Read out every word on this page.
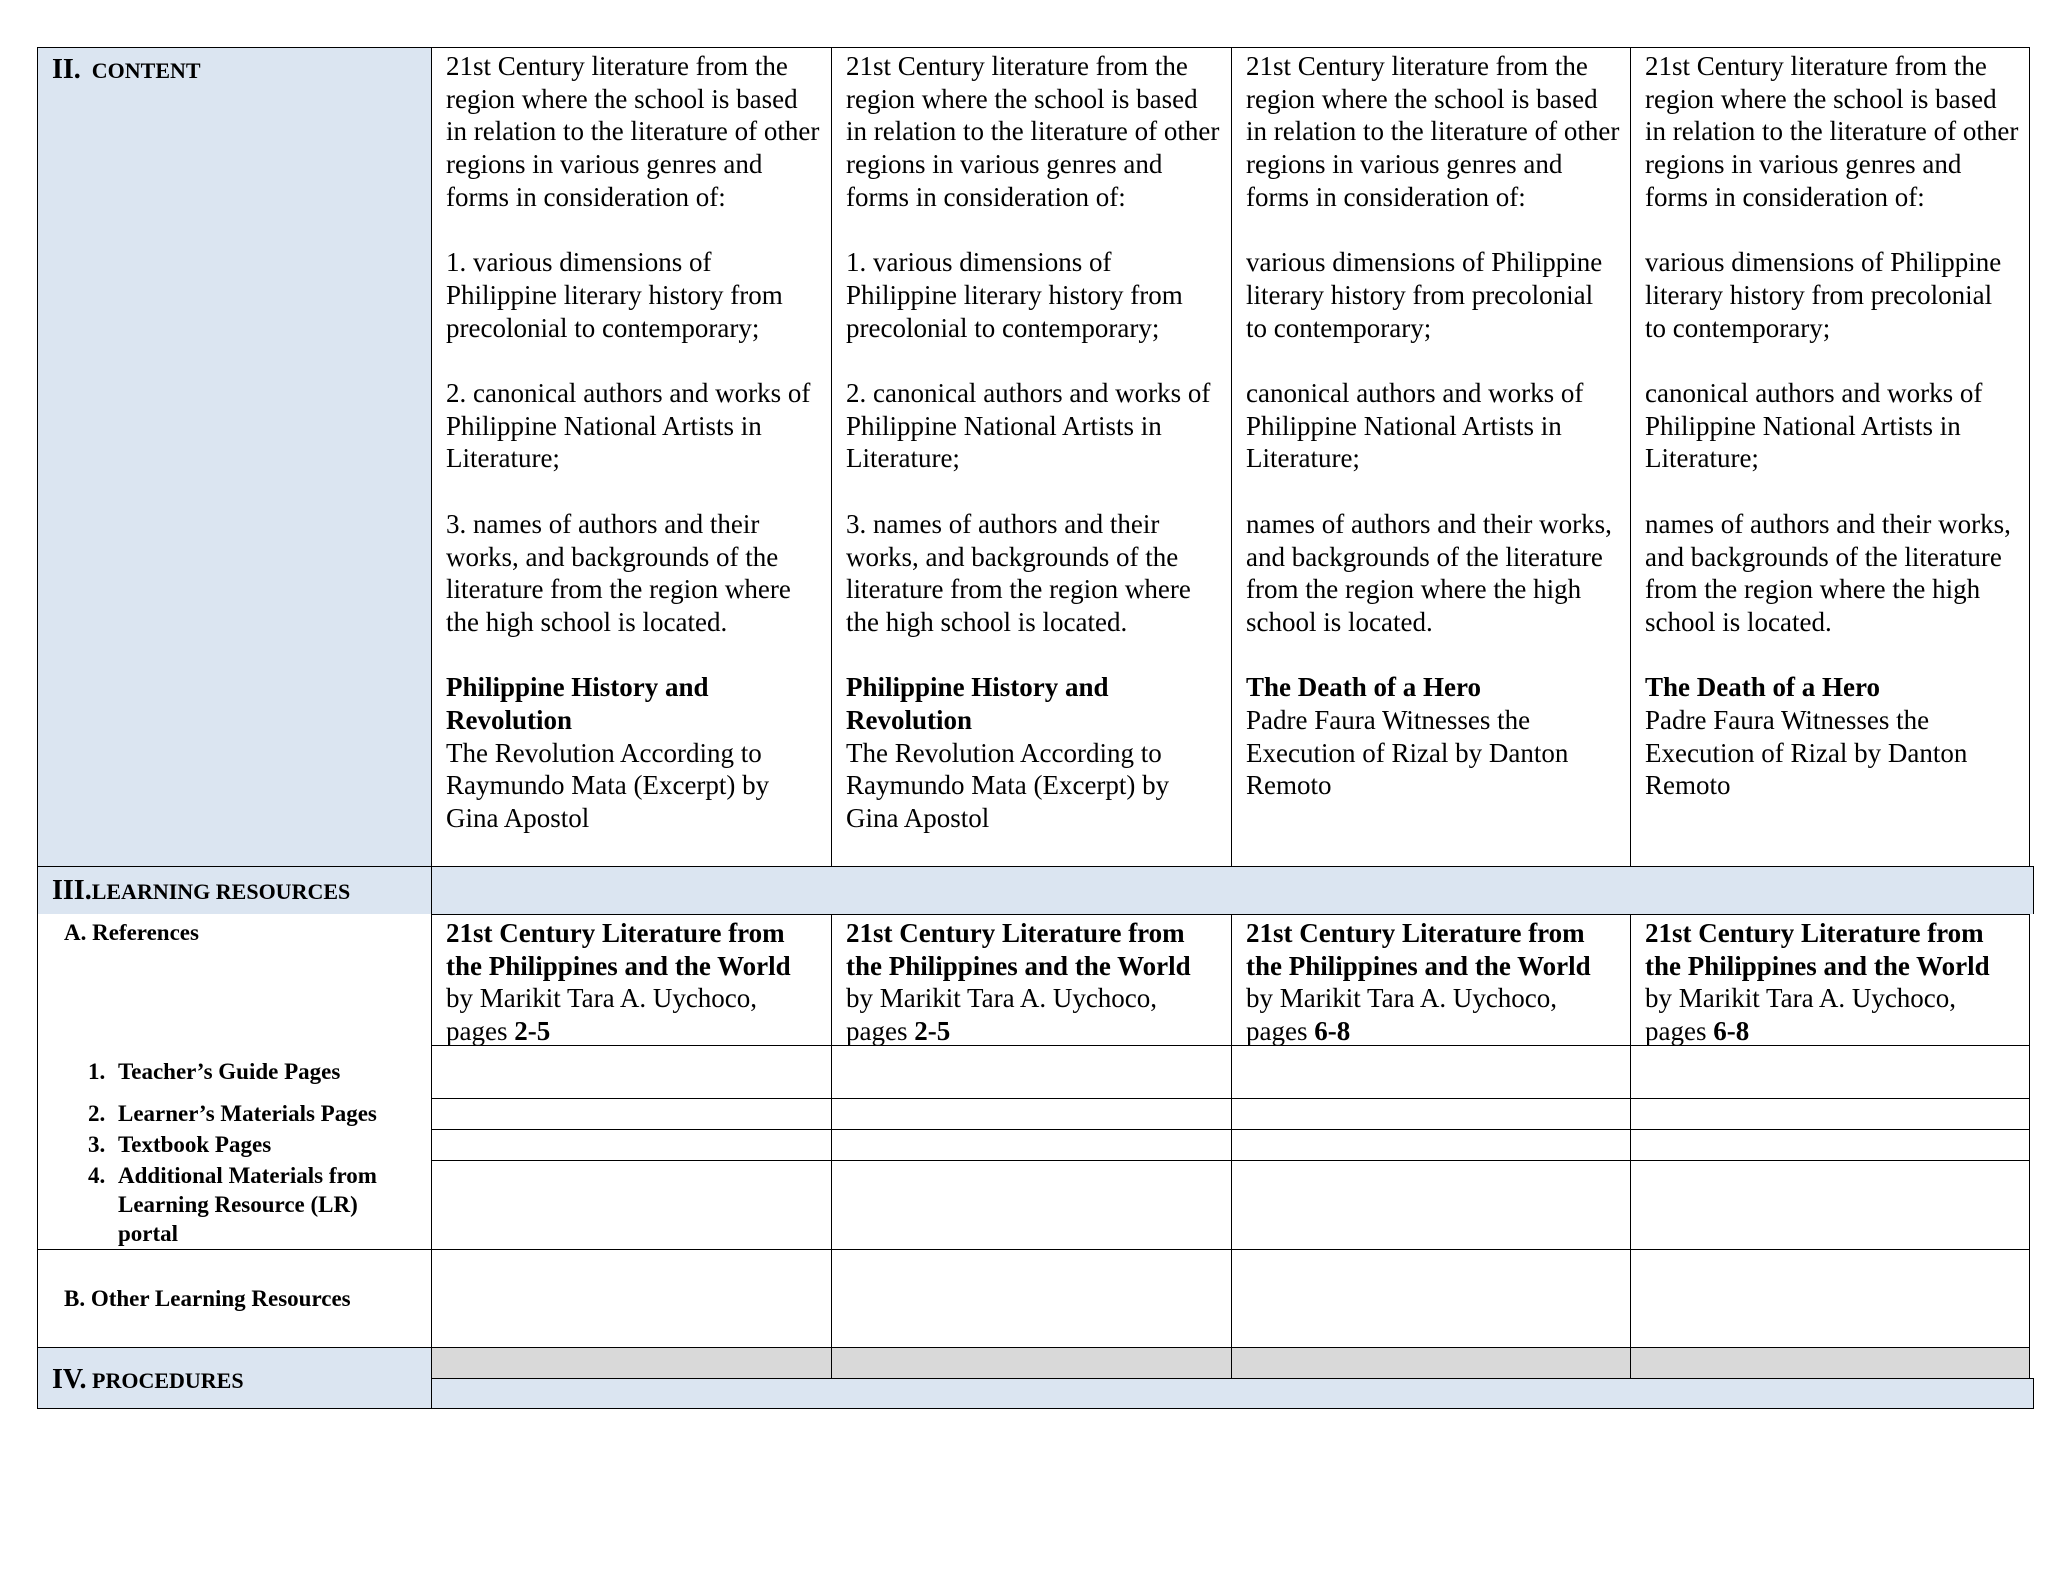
II. CONTENT	21st Century literature from the region where the school is based in relation to the literature of other regions in various genres and forms in consideration of:

1. various dimensions of Philippine literary history from precolonial to contemporary;

2. canonical authors and works of Philippine National Artists in Literature;

3. names of authors and their works, and backgrounds of the literature from the region where the high school is located.

Philippine History and Revolution

The Revolution According to Raymundo Mata (Excerpt) by Gina Apostol

21st Century literature from the region where the school is based in relation to the literature of other regions in various genres and forms in consideration of:

1. various dimensions of Philippine literary history from precolonial to contemporary;

2. canonical authors and works of Philippine National Artists in Literature;

3. names of authors and their works, and backgrounds of the literature from the region where the high school is located.

Philippine History and Revolution

The Revolution According to Raymundo Mata (Excerpt) by Gina Apostol

21st Century literature from the region where the school is based in relation to the literature of other regions in various genres and forms in consideration of:

various dimensions of Philippine literary history from precolonial to contemporary;

canonical authors and works of Philippine National Artists in Literature;

names of authors and their works, and backgrounds of the literature from the region where the high school is located.

The Death of a Hero

Padre Faura Witnesses the Execution of Rizal by Danton Remoto

21st Century literature from the region where the school is based in relation to the literature of other regions in various genres and forms in consideration of:

various dimensions of Philippine literary history from precolonial to contemporary;

canonical authors and works of Philippine National Artists in Literature;

names of authors and their works, and backgrounds of the literature from the region where the high school is located.

The Death of a Hero

Padre Faura Witnesses the Execution of Rizal by Danton Remoto

III.LEARNING RESOURCES
A. References	21st Century Literature from the Philippines and the World

by Marikit Tara A. Uychoco,
pages 2-5

21st Century Literature from the Philippines and the World

by Marikit Tara A. Uychoco,
pages 2-5

21st Century Literature from the Philippines and the World

by Marikit Tara A. Uychoco,
pages 6-8

21st Century Literature from the Philippines and the World

by Marikit Tara A. Uychoco,
pages 6-8

1. Teacher’s Guide Pages
2. Learner’s Materials Pages
3. Textbook Pages
4. Additional Materials from
Learning Resource (LR)
portal
B. Other Learning Resources
IV. PROCEDURES
